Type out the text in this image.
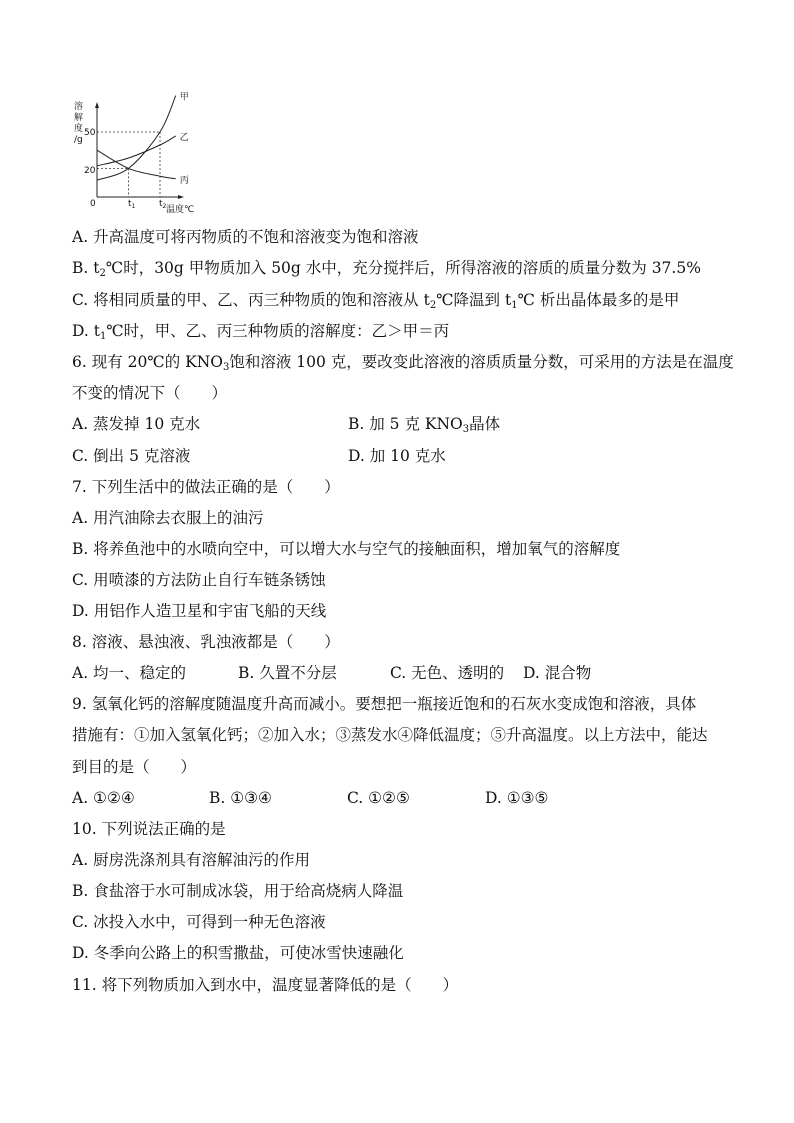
溶
解
度
/g
50
20
0	$t_1$	$t_2$ 温度℃
甲
乙
丙
A. 升高温度可将丙物质的不饱和溶液变为饱和溶液
B. $t_2℃$时，30g 甲物质加入 50g 水中，充分搅拌后，所得溶液的溶质的质量分数为 37.5%
C. 将相同质量的甲、乙、丙三种物质的饱和溶液从 $t_2℃$降温到 $t_1℃$ 析出晶体最多的是甲
D. $t_1℃$时，甲、乙、丙三种物质的溶解度：乙＞甲＝丙
6. 现有 20℃的 $KNO_3$饱和溶液 100 克，要改变此溶液的溶质质量分数，可采用的方法是在温度
不变的情况下（　　）
A. 蒸发掉 10 克水	B. 加 5 克 $KNO_3$晶体
C. 倒出 5 克溶液	D. 加 10 克水
7. 下列生活中的做法正确的是（　　）
A. 用汽油除去衣服上的油污
B. 将养鱼池中的水喷向空中，可以增大水与空气的接触面积，增加氧气的溶解度
C. 用喷漆的方法防止自行车链条锈蚀
D. 用铝作人造卫星和宇宙飞船的天线
8. 溶液、悬浊液、乳浊液都是（　　）
A. 均一、稳定的	B. 久置不分层	C. 无色、透明的 D. 混合物
9. 氢氧化钙的溶解度随温度升高而减小。要想把一瓶接近饱和的石灰水变成饱和溶液，具体
措施有：①加入氢氧化钙；②加入水；③蒸发水④降低温度；⑤升高温度。以上方法中，能达
到目的是（　　）
A. ①②④	B. ①③④	C. ①②⑤	D. ①③⑤
10. 下列说法正确的是
A. 厨房洗涤剂具有溶解油污的作用
B. 食盐溶于水可制成冰袋，用于给高烧病人降温
C. 冰投入水中，可得到一种无色溶液
D. 冬季向公路上的积雪撒盐，可使冰雪快速融化
11. 将下列物质加入到水中，温度显著降低的是（　　）
